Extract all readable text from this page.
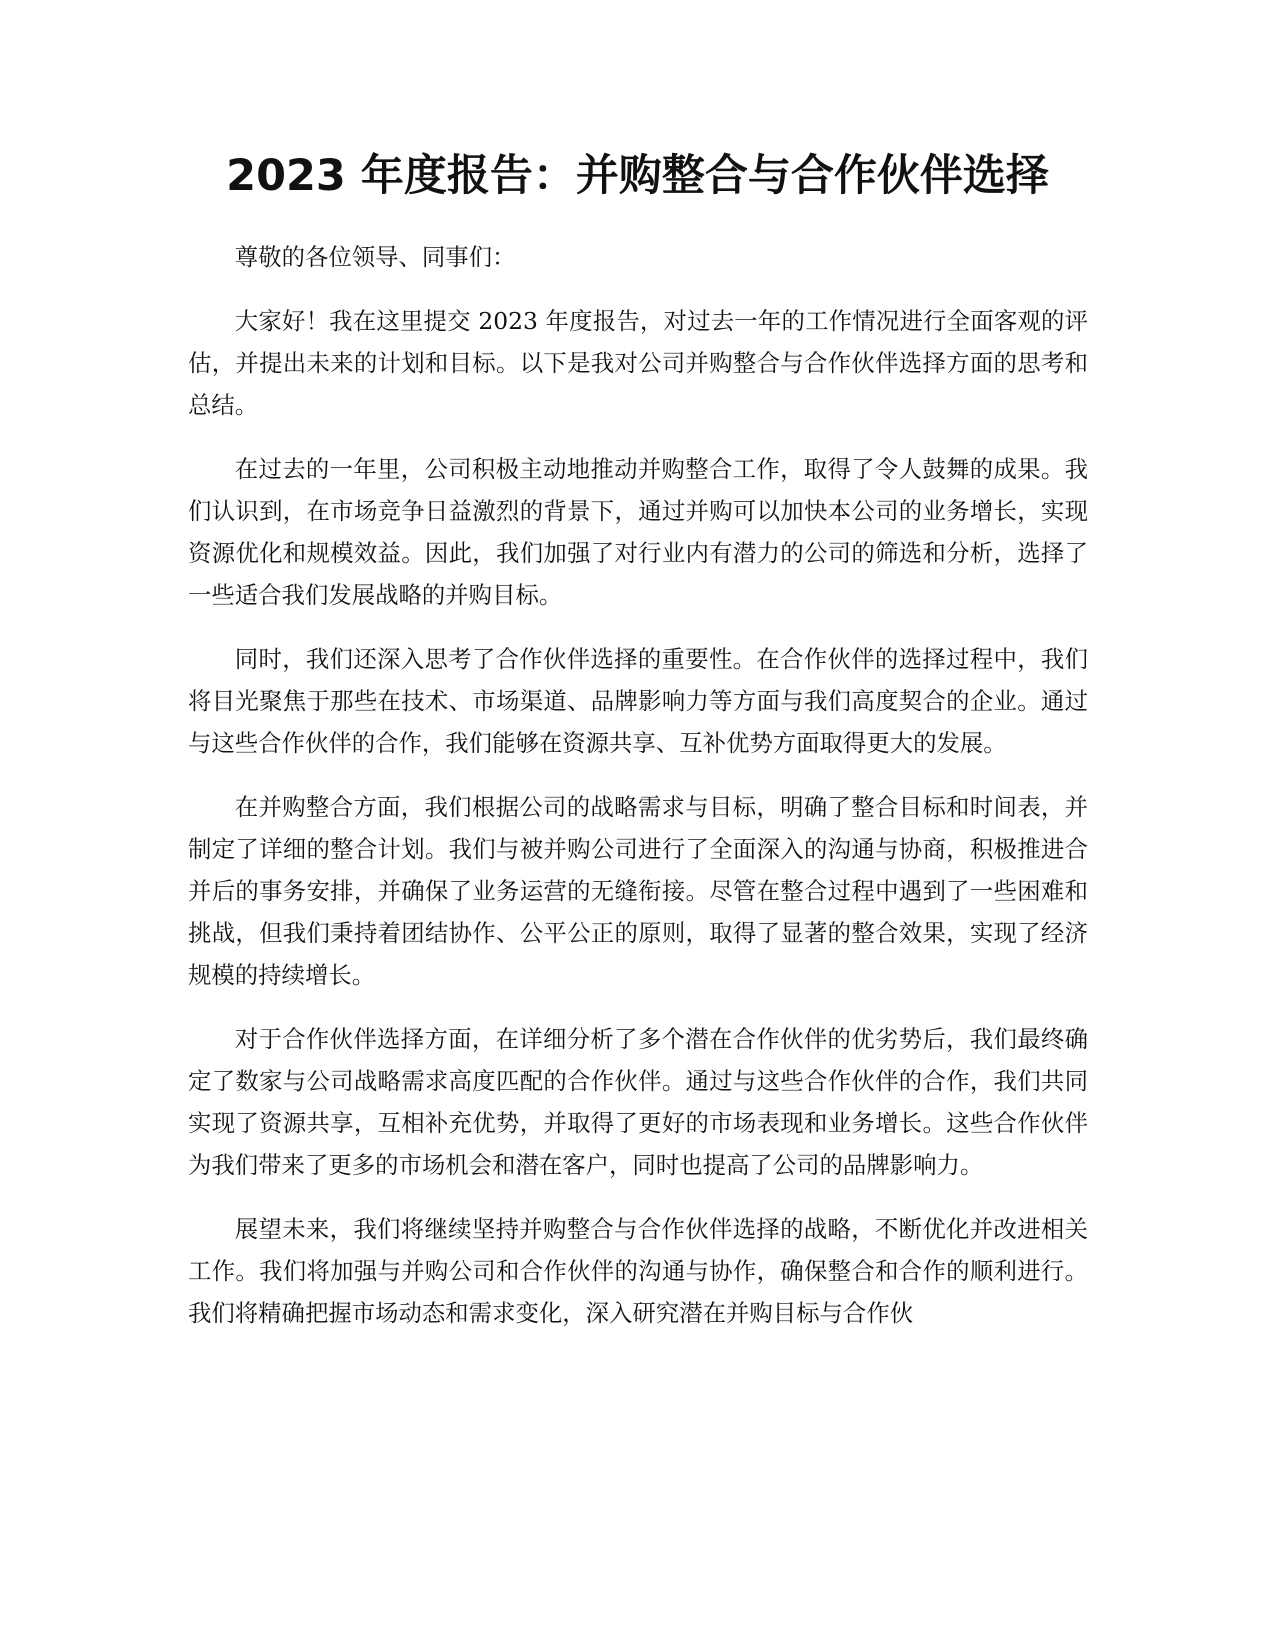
2023 年度报告：并购整合与合作伙伴选择

尊敬的各位领导、同事们：

大家好！我在这里提交 2023 年度报告，对过去一年的工作情况进行全面客观的评估，并提出未来的计划和目标。以下是我对公司并购整合与合作伙伴选择方面的思考和总结。

在过去的一年里，公司积极主动地推动并购整合工作，取得了令人鼓舞的成果。我们认识到，在市场竞争日益激烈的背景下，通过并购可以加快本公司的业务增长，实现资源优化和规模效益。因此，我们加强了对行业内有潜力的公司的筛选和分析，选择了一些适合我们发展战略的并购目标。

同时，我们还深入思考了合作伙伴选择的重要性。在合作伙伴的选择过程中，我们将目光聚焦于那些在技术、市场渠道、品牌影响力等方面与我们高度契合的企业。通过与这些合作伙伴的合作，我们能够在资源共享、互补优势方面取得更大的发展。

在并购整合方面，我们根据公司的战略需求与目标，明确了整合目标和时间表，并制定了详细的整合计划。我们与被并购公司进行了全面深入的沟通与协商，积极推进合并后的事务安排，并确保了业务运营的无缝衔接。尽管在整合过程中遇到了一些困难和挑战，但我们秉持着团结协作、公平公正的原则，取得了显著的整合效果，实现了经济规模的持续增长。

对于合作伙伴选择方面，在详细分析了多个潜在合作伙伴的优劣势后，我们最终确定了数家与公司战略需求高度匹配的合作伙伴。通过与这些合作伙伴的合作，我们共同实现了资源共享，互相补充优势，并取得了更好的市场表现和业务增长。这些合作伙伴为我们带来了更多的市场机会和潜在客户，同时也提高了公司的品牌影响力。

展望未来，我们将继续坚持并购整合与合作伙伴选择的战略，不断优化并改进相关工作。我们将加强与并购公司和合作伙伴的沟通与协作，确保整合和合作的顺利进行。我们将精确把握市场动态和需求变化，深入研究潜在并购目标与合作伙
